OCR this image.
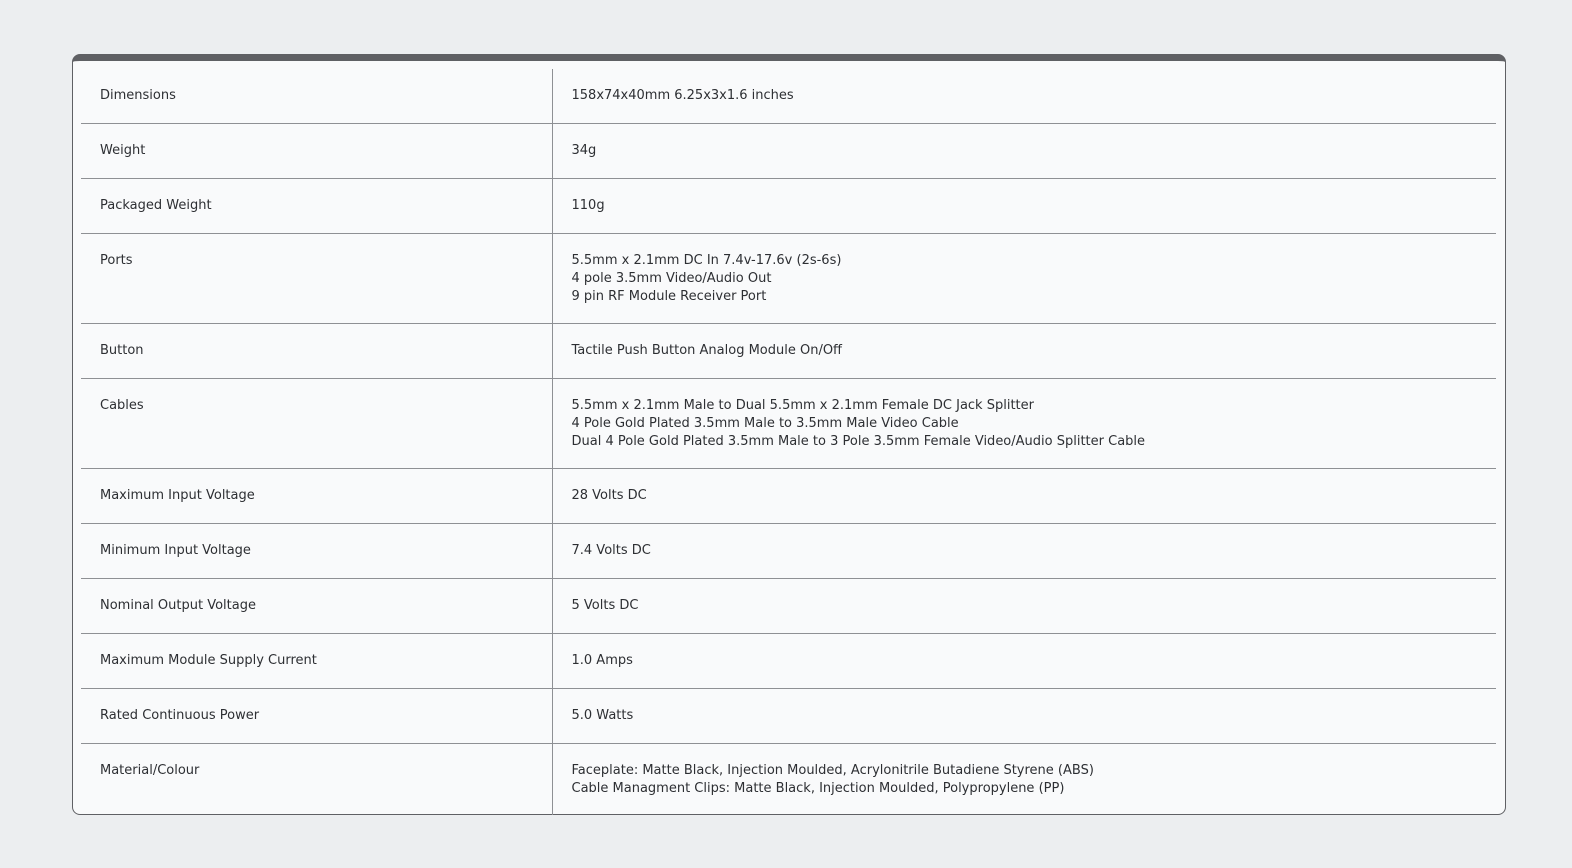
Dimensions	158x74x40mm 6.25x3x1.6 inches

Weight	34g

Packaged Weight	110g

Ports	5.5mm x 2.1mm DC In 7.4v-17.6v (2s-6s)
4 pole 3.5mm Video/Audio Out
9 pin RF Module Receiver Port

Button	Tactile Push Button Analog Module On/Off

Cables	5.5mm x 2.1mm Male to Dual 5.5mm x 2.1mm Female DC Jack Splitter
4 Pole Gold Plated 3.5mm Male to 3.5mm Male Video Cable
Dual 4 Pole Gold Plated 3.5mm Male to 3 Pole 3.5mm Female Video/Audio Splitter Cable

Maximum Input Voltage	28 Volts DC

Minimum Input Voltage	7.4 Volts DC

Nominal Output Voltage	5 Volts DC

Maximum Module Supply Current	1.0 Amps

Rated Continuous Power	5.0 Watts

Material/Colour	Faceplate: Matte Black, Injection Moulded, Acrylonitrile Butadiene Styrene (ABS)
Cable Managment Clips: Matte Black, Injection Moulded, Polypropylene (PP)
